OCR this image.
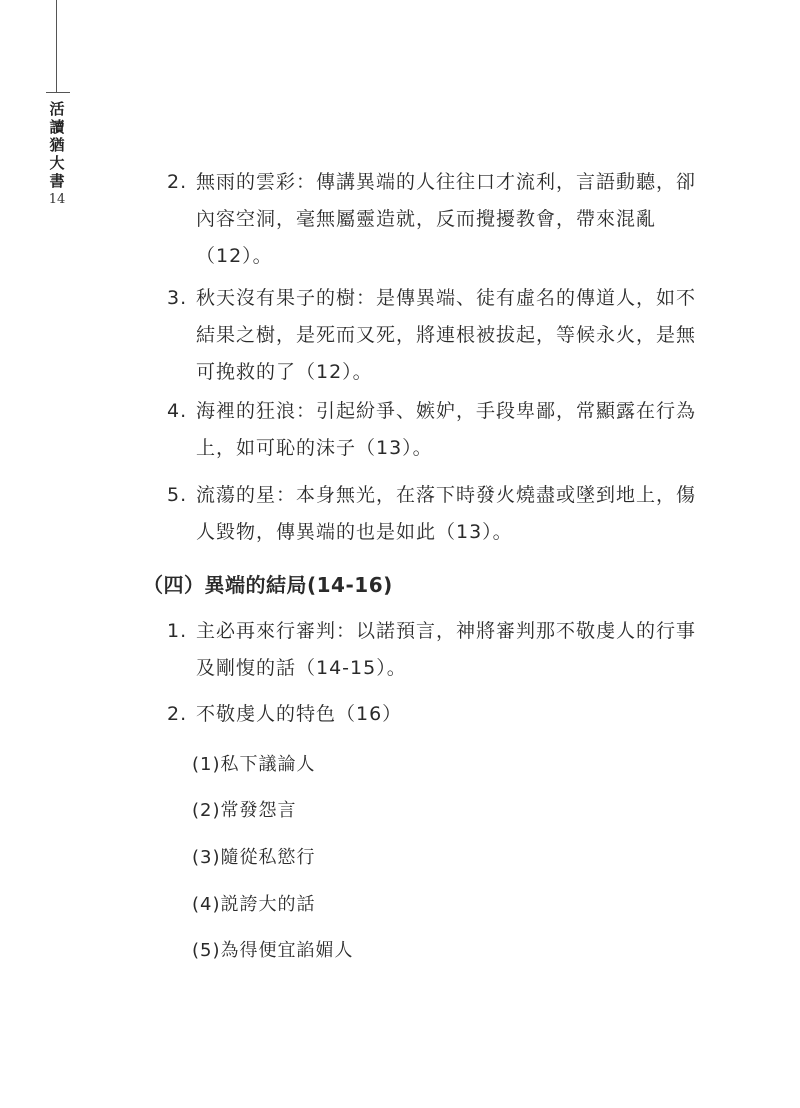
活
讀
猶
大
書
14
2. 無雨的雲彩：傳講異端的人往往口才流利，言語動聽，卻內容空洞，毫無屬靈造就，反而攪擾教會，帶來混亂（12）。
3. 秋天沒有果子的樹：是傳異端、徒有虛名的傳道人，如不結果之樹，是死而又死，將連根被拔起，等候永火，是無可挽救的了（12）。
4. 海裡的狂浪：引起紛爭、嫉妒，手段卑鄙，常顯露在行為上，如可恥的沫子（13）。
5. 流蕩的星：本身無光，在落下時發火燒盡或墜到地上，傷人毀物，傳異端的也是如此（13）。
（四）異端的結局(14-16)
1. 主必再來行審判：以諾預言，神將審判那不敬虔人的行事及剛愎的話（14-15）。
2. 不敬虔人的特色（16）
(1)私下議論人
(2)常發怨言
(3)隨從私慾行
(4)説誇大的話
(5)為得便宜諂媚人
